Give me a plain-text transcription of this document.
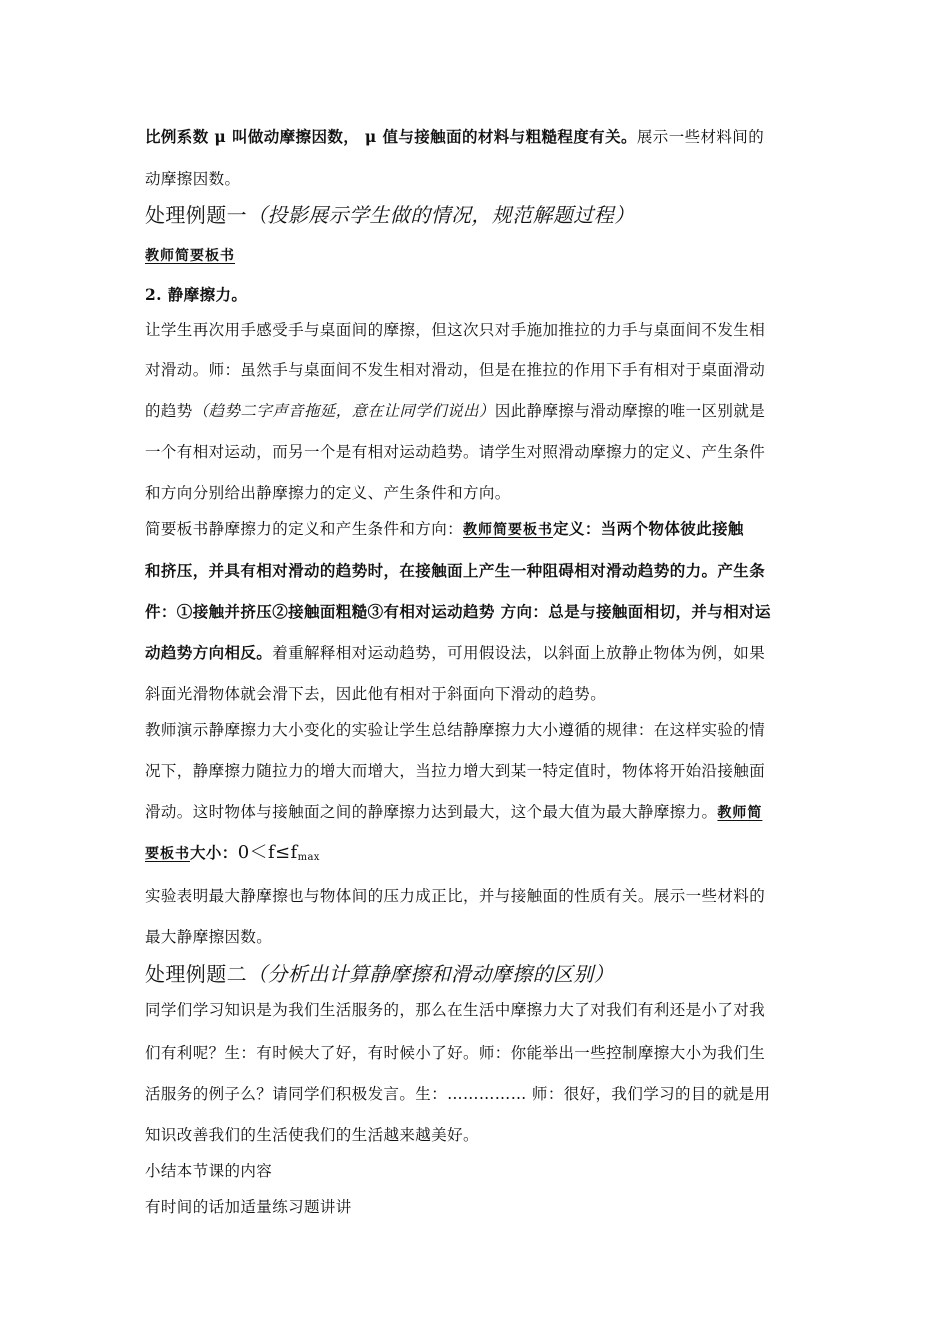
比例系数 μ 叫做动摩擦因数， μ 值与接触面的材料与粗糙程度有关。展示一些材料间的
动摩擦因数。
处理例题一（投影展示学生做的情况，规范解题过程）
教师简要板书
2. 静摩擦力。
让学生再次用手感受手与桌面间的摩擦，但这次只对手施加推拉的力手与桌面间不发生相
对滑动。师：虽然手与桌面间不发生相对滑动，但是在推拉的作用下手有相对于桌面滑动
的趋势（趋势二字声音拖延，意在让同学们说出）因此静摩擦与滑动摩擦的唯一区别就是
一个有相对运动，而另一个是有相对运动趋势。请学生对照滑动摩擦力的定义、产生条件
和方向分别给出静摩擦力的定义、产生条件和方向。
简要板书静摩擦力的定义和产生条件和方向：教师简要板书定义：当两个物体彼此接触
和挤压，并具有相对滑动的趋势时，在接触面上产生一种阻碍相对滑动趋势的力。产生条
件：①接触并挤压②接触面粗糙③有相对运动趋势 方向：总是与接触面相切，并与相对运
动趋势方向相反。着重解释相对运动趋势，可用假设法，以斜面上放静止物体为例，如果
斜面光滑物体就会滑下去，因此他有相对于斜面向下滑动的趋势。
教师演示静摩擦力大小变化的实验让学生总结静摩擦力大小遵循的规律：在这样实验的情
况下，静摩擦力随拉力的增大而增大，当拉力增大到某一特定值时，物体将开始沿接触面
滑动。这时物体与接触面之间的静摩擦力达到最大，这个最大值为最大静摩擦力。教师简
要板书大小：$0<f\le f_{max}$
实验表明最大静摩擦也与物体间的压力成正比，并与接触面的性质有关。展示一些材料的
最大静摩擦因数。
处理例题二（分析出计算静摩擦和滑动摩擦的区别）
同学们学习知识是为我们生活服务的，那么在生活中摩擦力大了对我们有利还是小了对我
们有利呢？生：有时候大了好，有时候小了好。师：你能举出一些控制摩擦大小为我们生
活服务的例子么？请同学们积极发言。生：…………… 师：很好，我们学习的目的就是用
知识改善我们的生活使我们的生活越来越美好。
小结本节课的内容
有时间的话加适量练习题讲讲
